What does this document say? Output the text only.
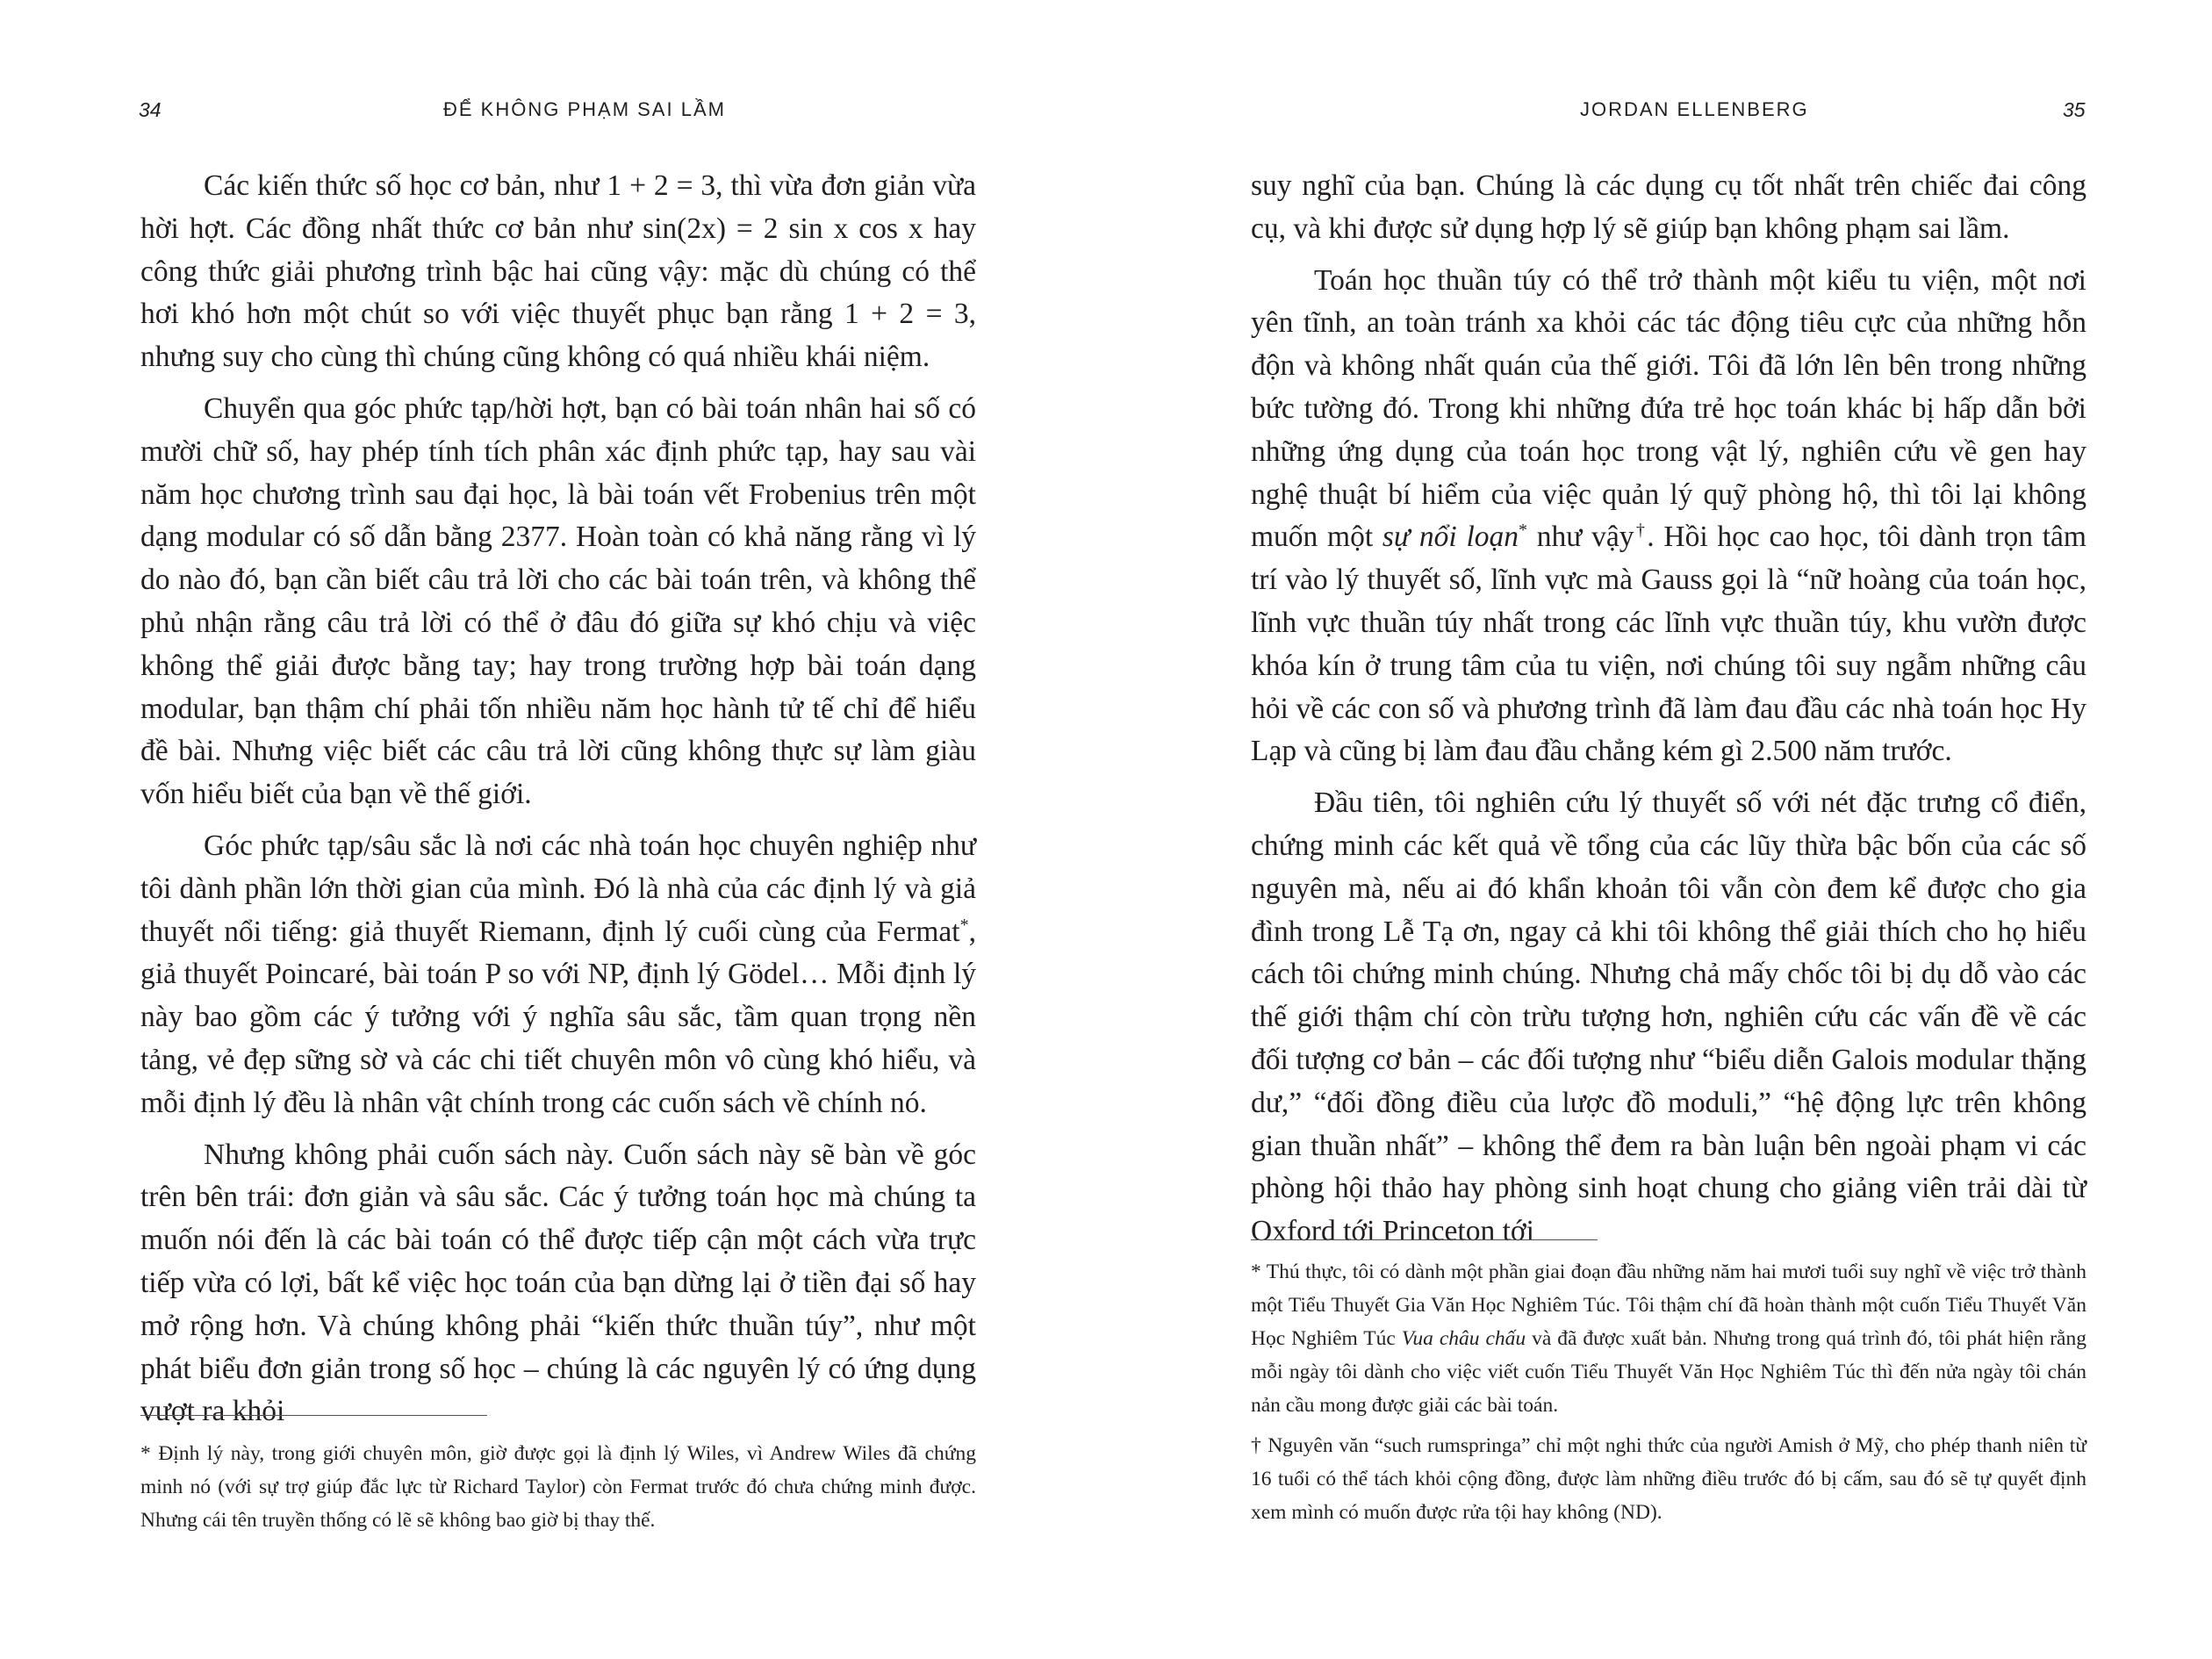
34	ĐỂ KHÔNG PHẠM SAI LẦM

Các kiến thức số học cơ bản, như 1 + 2 = 3, thì vừa đơn giản vừa hời hợt. Các đồng nhất thức cơ bản như sin(2x) = 2 sin x cos x hay công thức giải phương trình bậc hai cũng vậy: mặc dù chúng có thể hơi khó hơn một chút so với việc thuyết phục bạn rằng 1 + 2 = 3, nhưng suy cho cùng thì chúng cũng không có quá nhiều khái niệm.

Chuyển qua góc phức tạp/hời hợt, bạn có bài toán nhân hai số có mười chữ số, hay phép tính tích phân xác định phức tạp, hay sau vài năm học chương trình sau đại học, là bài toán vết Frobenius trên một dạng modular có số dẫn bằng 2377. Hoàn toàn có khả năng rằng vì lý do nào đó, bạn cần biết câu trả lời cho các bài toán trên, và không thể phủ nhận rằng câu trả lời có thể ở đâu đó giữa sự khó chịu và việc không thể giải được bằng tay; hay trong trường hợp bài toán dạng modular, bạn thậm chí phải tốn nhiều năm học hành tử tế chỉ để hiểu đề bài. Nhưng việc biết các câu trả lời cũng không thực sự làm giàu vốn hiểu biết của bạn về thế giới.

Góc phức tạp/sâu sắc là nơi các nhà toán học chuyên nghiệp như tôi dành phần lớn thời gian của mình. Đó là nhà của các định lý và giả thuyết nổi tiếng: giả thuyết Riemann, định lý cuối cùng của Fermat*, giả thuyết Poincaré, bài toán P so với NP, định lý Gödel… Mỗi định lý này bao gồm các ý tưởng với ý nghĩa sâu sắc, tầm quan trọng nền tảng, vẻ đẹp sững sờ và các chi tiết chuyên môn vô cùng khó hiểu, và mỗi định lý đều là nhân vật chính trong các cuốn sách về chính nó.

Nhưng không phải cuốn sách này. Cuốn sách này sẽ bàn về góc trên bên trái: đơn giản và sâu sắc. Các ý tưởng toán học mà chúng ta muốn nói đến là các bài toán có thể được tiếp cận một cách vừa trực tiếp vừa có lợi, bất kể việc học toán của bạn dừng lại ở tiền đại số hay mở rộng hơn. Và chúng không phải “kiến thức thuần túy”, như một phát biểu đơn giản trong số học – chúng là các nguyên lý có ứng dụng vượt ra khỏi

* Định lý này, trong giới chuyên môn, giờ được gọi là định lý Wiles, vì Andrew Wiles đã chứng minh nó (với sự trợ giúp đắc lực từ Richard Taylor) còn Fermat trước đó chưa chứng minh được. Nhưng cái tên truyền thống có lẽ sẽ không bao giờ bị thay thế.

JORDAN ELLENBERG	35

suy nghĩ của bạn. Chúng là các dụng cụ tốt nhất trên chiếc đai công cụ, và khi được sử dụng hợp lý sẽ giúp bạn không phạm sai lầm.

Toán học thuần túy có thể trở thành một kiểu tu viện, một nơi yên tĩnh, an toàn tránh xa khỏi các tác động tiêu cực của những hỗn độn và không nhất quán của thế giới. Tôi đã lớn lên bên trong những bức tường đó. Trong khi những đứa trẻ học toán khác bị hấp dẫn bởi những ứng dụng của toán học trong vật lý, nghiên cứu về gen hay nghệ thuật bí hiểm của việc quản lý quỹ phòng hộ, thì tôi lại không muốn một sự nổi loạn* như vậy†. Hồi học cao học, tôi dành trọn tâm trí vào lý thuyết số, lĩnh vực mà Gauss gọi là “nữ hoàng của toán học, lĩnh vực thuần túy nhất trong các lĩnh vực thuần túy, khu vườn được khóa kín ở trung tâm của tu viện, nơi chúng tôi suy ngẫm những câu hỏi về các con số và phương trình đã làm đau đầu các nhà toán học Hy Lạp và cũng bị làm đau đầu chẳng kém gì 2.500 năm trước.

Đầu tiên, tôi nghiên cứu lý thuyết số với nét đặc trưng cổ điển, chứng minh các kết quả về tổng của các lũy thừa bậc bốn của các số nguyên mà, nếu ai đó khẩn khoản tôi vẫn còn đem kể được cho gia đình trong Lễ Tạ ơn, ngay cả khi tôi không thể giải thích cho họ hiểu cách tôi chứng minh chúng. Nhưng chả mấy chốc tôi bị dụ dỗ vào các thế giới thậm chí còn trừu tượng hơn, nghiên cứu các vấn đề về các đối tượng cơ bản – các đối tượng như “biểu diễn Galois modular thặng dư,” “đối đồng điều của lược đồ moduli,” “hệ động lực trên không gian thuần nhất” – không thể đem ra bàn luận bên ngoài phạm vi các phòng hội thảo hay phòng sinh hoạt chung cho giảng viên trải dài từ Oxford tới Princeton tới

* Thú thực, tôi có dành một phần giai đoạn đầu những năm hai mươi tuổi suy nghĩ về việc trở thành một Tiểu Thuyết Gia Văn Học Nghiêm Túc. Tôi thậm chí đã hoàn thành một cuốn Tiểu Thuyết Văn Học Nghiêm Túc Vua châu chấu và đã được xuất bản. Nhưng trong quá trình đó, tôi phát hiện rằng mỗi ngày tôi dành cho việc viết cuốn Tiểu Thuyết Văn Học Nghiêm Túc thì đến nửa ngày tôi chán nản cầu mong được giải các bài toán.

† Nguyên văn “such rumspringa” chỉ một nghi thức của người Amish ở Mỹ, cho phép thanh niên từ 16 tuổi có thể tách khỏi cộng đồng, được làm những điều trước đó bị cấm, sau đó sẽ tự quyết định xem mình có muốn được rửa tội hay không (ND).
